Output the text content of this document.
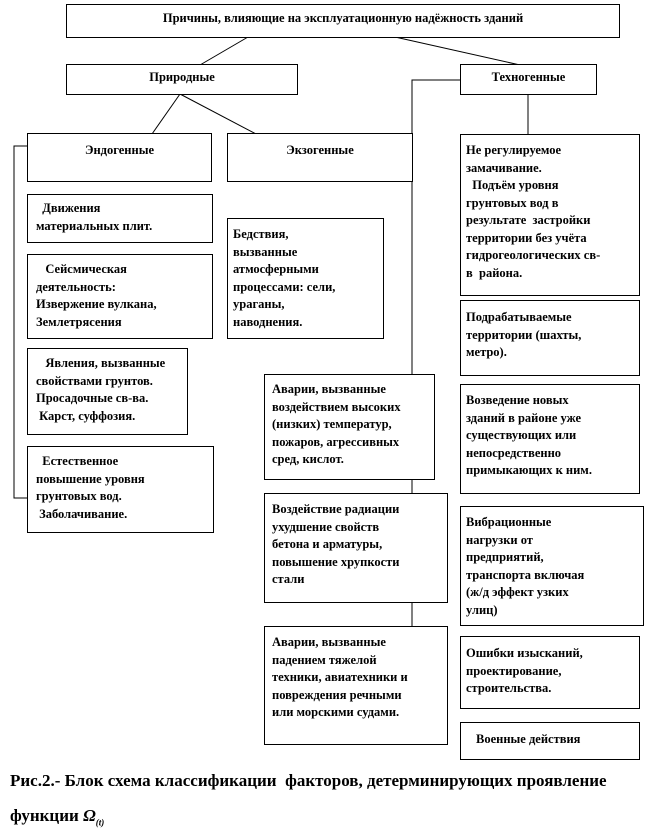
Причины, влияющие на эксплуатационную надёжность зданий
Природные	Техногенные
Эндогенные	Экзогенные
Движения
материальных плит.
Сейсмическая
деятельность:
Извержение вулкана,
Землетрясения
Явления, вызванные
свойствами грунтов.
Просадочные св-ва.
Карст, суффозия.
Естественное
повышение уровня
грунтовых вод.
Заболачивание.
Бедствия,
вызванные
атмосферными
процессами: сели,
ураганы,
наводнения.
Аварии, вызванные
воздействием высоких
(низких) температур,
пожаров, агрессивных
сред, кислот.
Воздействие радиации
ухудшение свойств
бетона и арматуры,
повышение хрупкости
стали
Аварии, вызванные
падением тяжелой
техники, авиатехники и
повреждения речными
или морскими судами.
Не регулируемое
замачивание.
Подъём уровня
грунтовых вод в
результате  застройки
территории без учёта
гидрогеологических св-
в  района.
Подрабатываемые
территории (шахты,
метро).
Возведение новых
зданий в районе уже
существующих или
непосредственно
примыкающих к ним.
Вибрационные
нагрузки от
предприятий,
транспорта включая
(ж/д эффект узких
улиц)
Ошибки изысканий,
проектирование,
строительства.
Военные действия
Рис.2.- Блок схема классификации  факторов, детерминирующих проявление
функции $\Omega_{(t)}$
